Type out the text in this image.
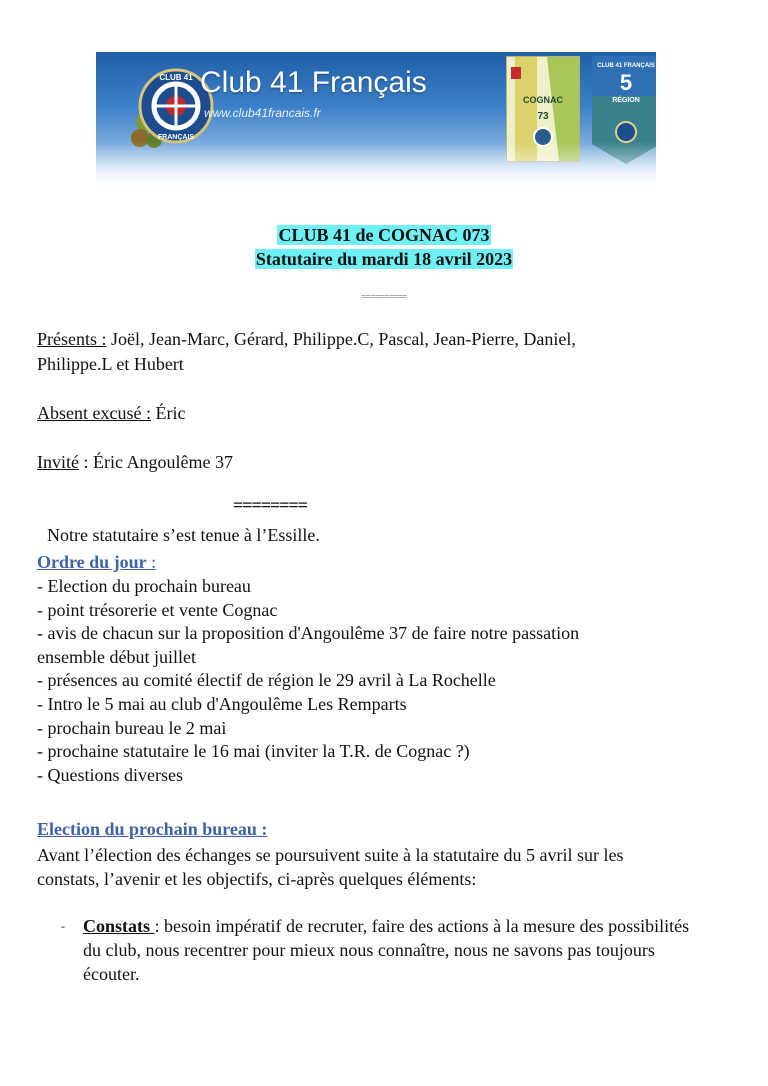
CLUB 41
FRANÇAIS
Club 41 Français
www.club41francais.fr
COGNAC
73
CLUB 41 FRANÇAIS
5
RÉGION
CLUB 41 de COGNAC 073
Statutaire du mardi 18 avril 2023
==========

Présents : Joël, Jean-Marc, Gérard, Philippe.C, Pascal, Jean-Pierre, Daniel,

Philippe.L et Hubert

Absent excusé : Éric

Invité : Éric Angoulême 37

========

Notre statutaire s’est tenue à l’Essille.

Ordre du jour :

- Election du prochain bureau
- point trésorerie et vente Cognac
- avis de chacun sur la proposition d'Angoulême 37 de faire notre passation
ensemble début juillet
- présences au comité électif de région le 29 avril à La Rochelle
- Intro le 5 mai au club d'Angoulême Les Remparts
- prochain bureau le 2 mai
- prochaine statutaire le 16 mai (inviter la T.R. de Cognac ?)
- Questions diverses

Election du prochain bureau :

Avant l’élection des échanges se poursuivent suite à la statutaire du 5 avril sur les

constats, l’avenir et les objectifs, ci-après quelques éléments:

- Constats : besoin impératif de recruter, faire des actions à la mesure des possibilités du club, nous recentrer pour mieux nous connaître, nous ne savons pas toujours écouter.
